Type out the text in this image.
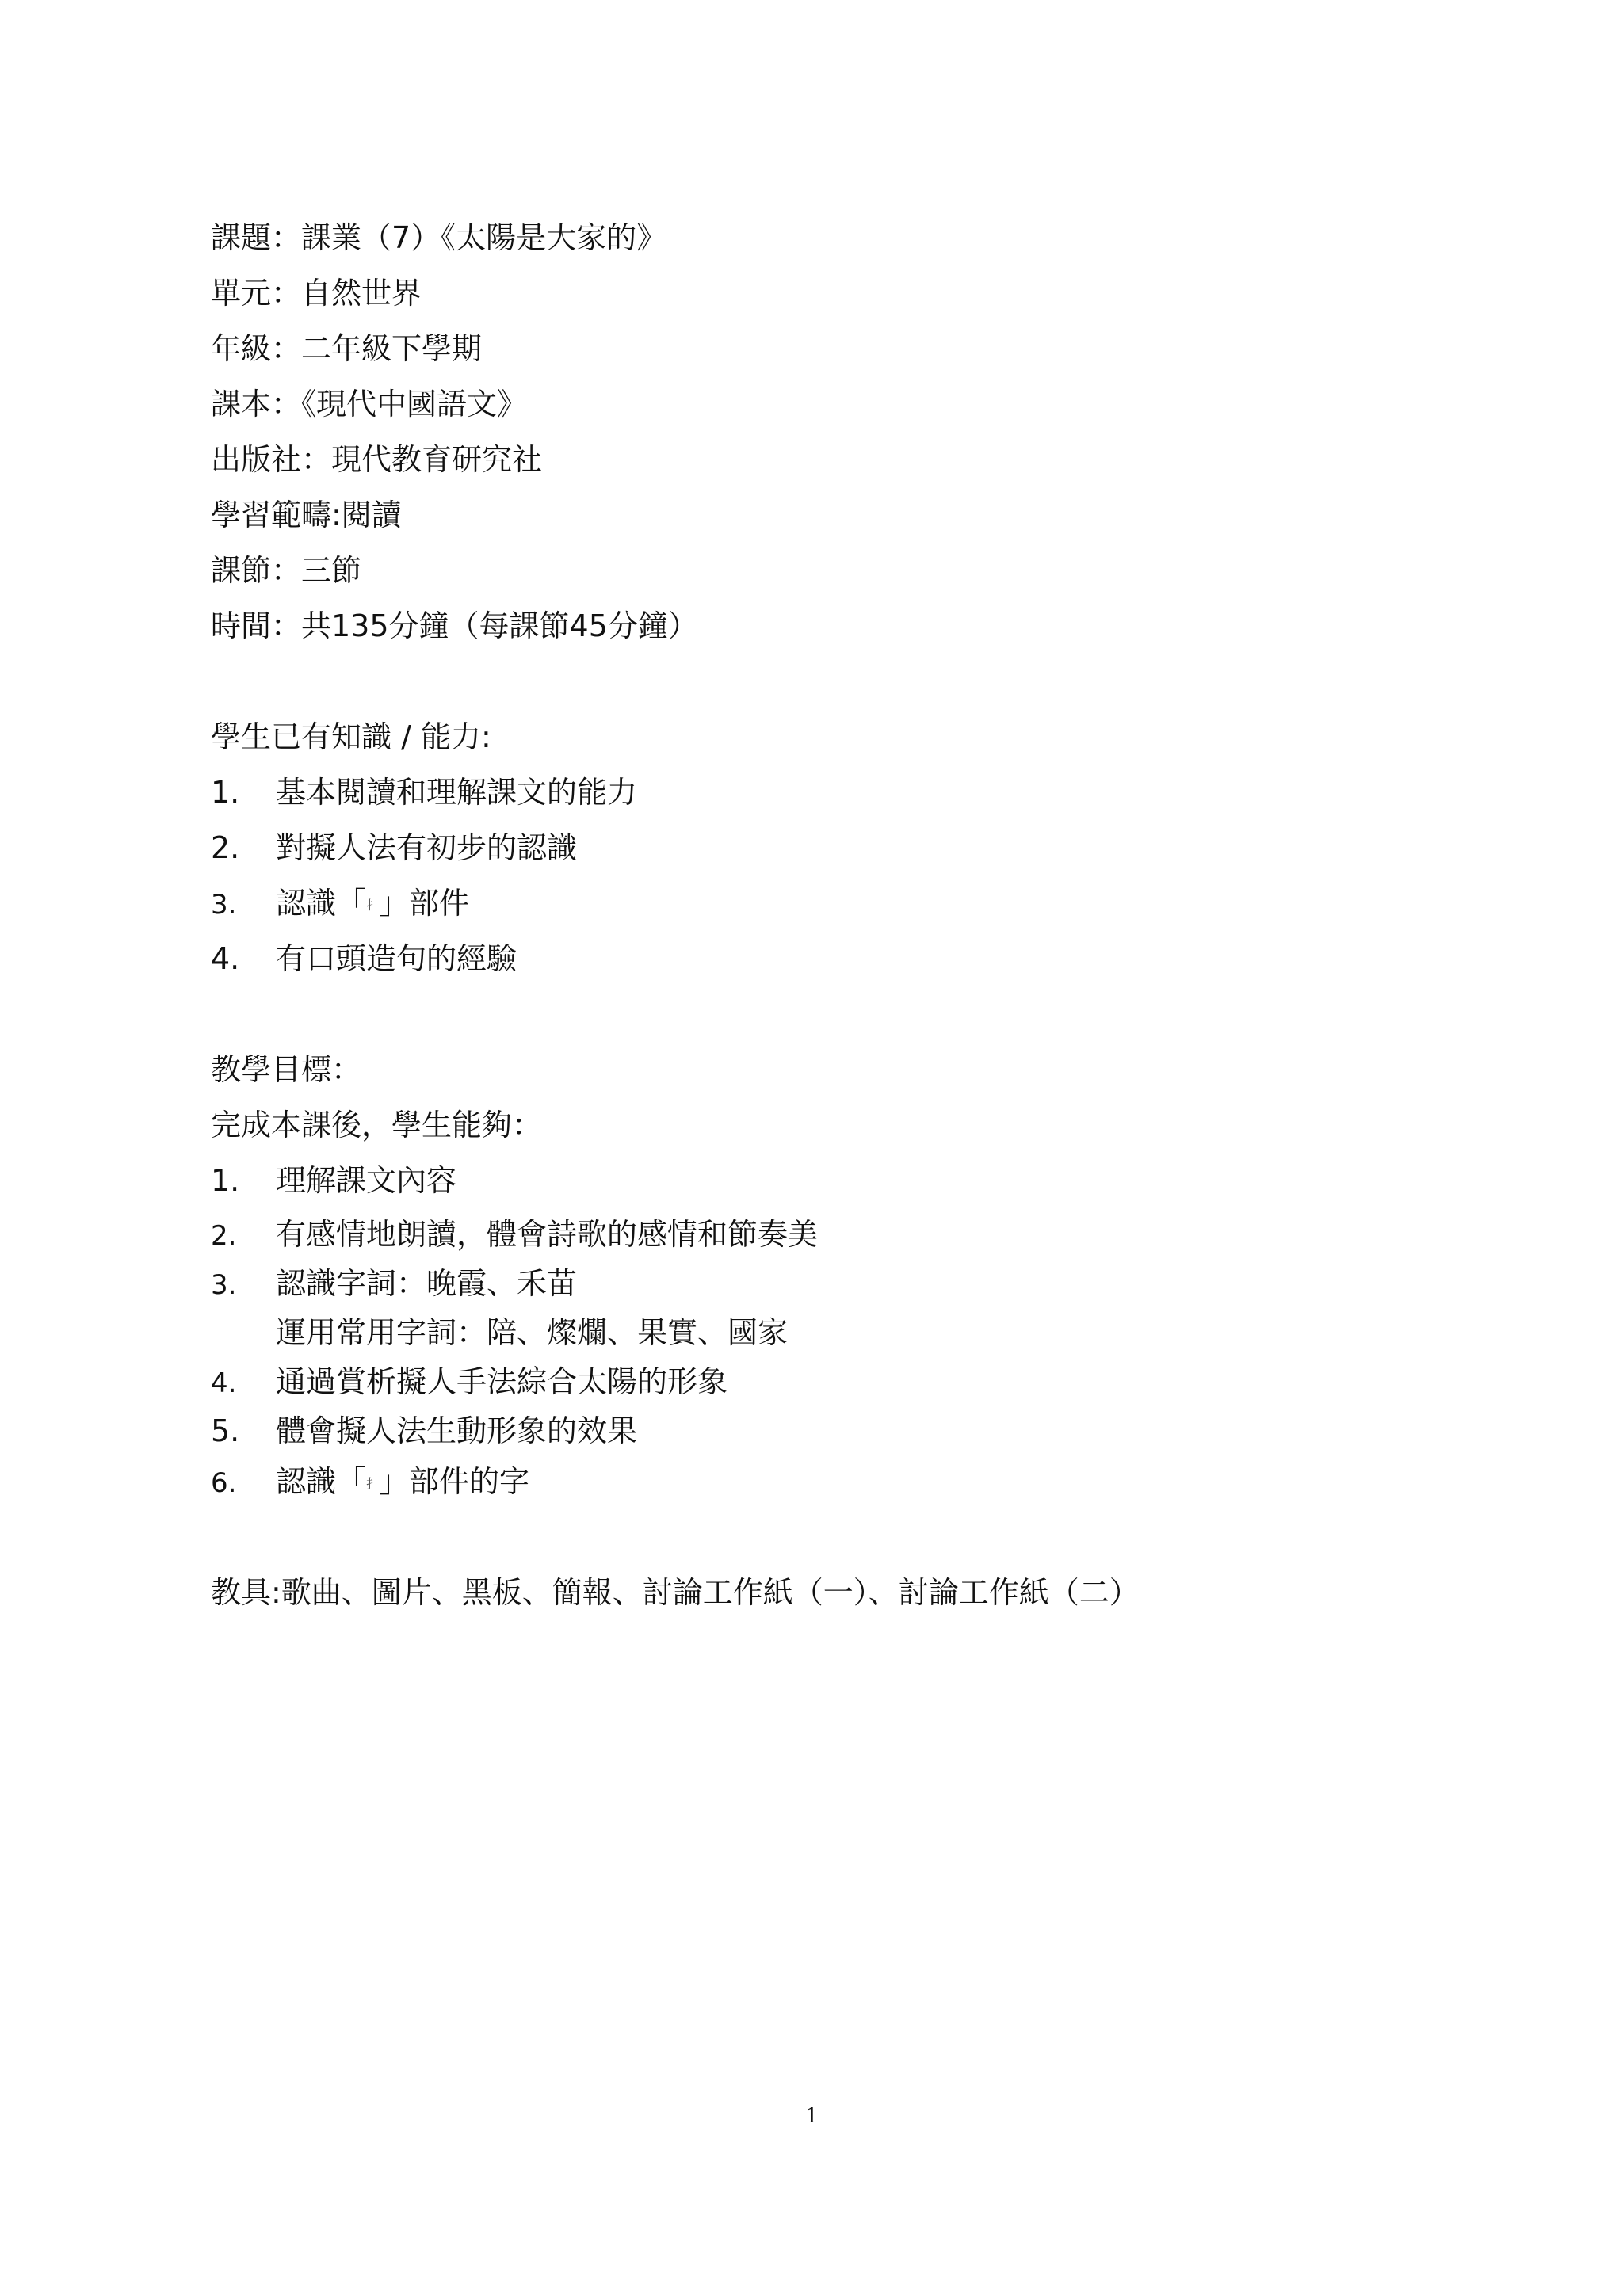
課題：課業（7）《太陽是大家的》
單元：自然世界
年級：二年級下學期
課本：《現代中國語文》
出版社：現代教育研究社
學習範疇:閱讀
課節：三節
時間：共135分鐘（每課節45分鐘）
學生已有知識 / 能力:
1. 基本閱讀和理解課文的能力
2. 對擬人法有初步的認識
3. 認識「扌」部件
4. 有口頭造句的經驗
教學目標：
完成本課後，學生能夠：
1. 理解課文內容
2. 有感情地朗讀，體會詩歌的感情和節奏美
3. 認識字詞：晚霞、禾苗
運用常用字詞：陪、燦爛、果實、國家
4. 通過賞析擬人手法綜合太陽的形象
5. 體會擬人法生動形象的效果
6. 認識「扌」部件的字
教具:歌曲、圖片、黑板、簡報、討論工作紙（一）、討論工作紙（二）
1
